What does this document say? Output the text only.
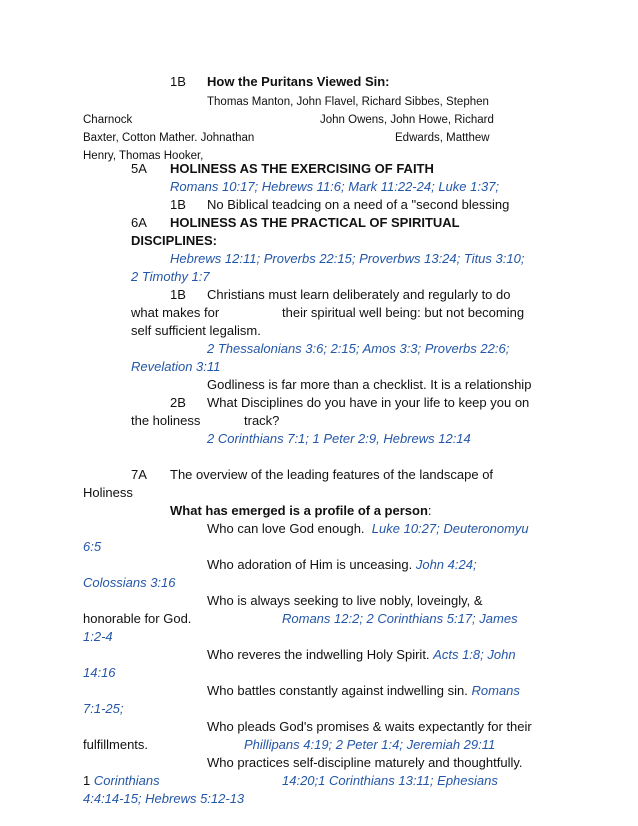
1B How the Puritans Viewed Sin:
Thomas Manton, John Flavel, Richard Sibbes, Stephen
Charnock	John Owens, John Howe, Richard
Baxter, Cotton Mather. Johnathan	Edwards, Matthew
Henry, Thomas Hooker,
5A HOLINESS AS THE EXERCISING OF FAITH
Romans 10:17; Hebrews 11:6; Mark 11:22-24; Luke 1:37;
1B No Biblical teadcing on a need of a "second blessing
6A HOLINESS AS THE PRACTICAL OF SPIRITUAL
DISCIPLINES:
Hebrews 12:11; Proverbs 22:15; Proverbws 13:24; Titus 3:10;
2 Timothy 1:7
1B Christians must learn deliberately and regularly to do
what makes for	their spiritual well being: but not becoming
self sufficient legalism.
2 Thessalonians 3:6; 2:15; Amos 3:3; Proverbs 22:6;
Revelation 3:11
Godliness is far more than a checklist. It is a relationship
2B What Disciplines do you have in your life to keep you on
the holiness	track?
2 Corinthians 7:1; 1 Peter 2:9, Hebrews 12:14
7A The overview of the leading features of the landscape of
Holiness
What has emerged is a profile of a person:
Who can love God enough. Luke 10:27; Deuteronomyu
6:5
Who adoration of Him is unceasing. John 4:24;
Colossians 3:16
Who is always seeking to live nobly, loveingly, &
honorable for God.	Romans 12:2; 2 Corinthians 5:17; James
1:2-4
Who reveres the indwelling Holy Spirit. Acts 1:8; John
14:16
Who battles constantly against indwelling sin. Romans
7:1-25;
Who pleads God's promises & waits expectantly for their
fulfillments.	Phillipans 4:19; 2 Peter 1:4; Jeremiah 29:11
Who practices self-discipline maturely and thoughtfully.
1 Corinthians	14:20;1 Corinthians 13:11; Ephesians
4:4:14-15; Hebrews 5:12-13
